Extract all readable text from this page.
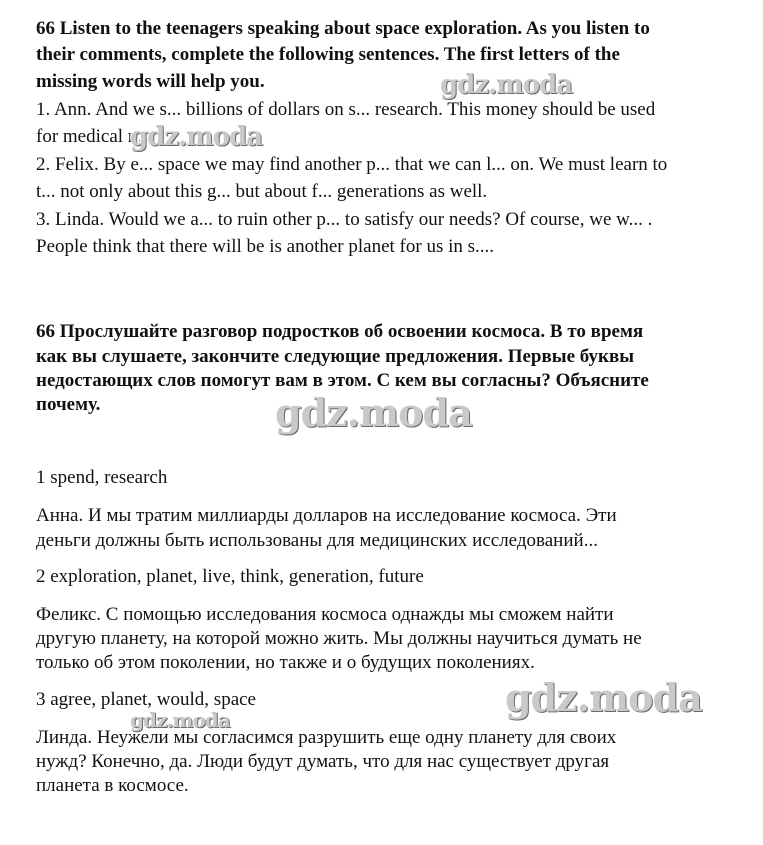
66 Listen to the teenagers speaking about space exploration. As you listen to
their comments, complete the following sentences. The first letters of the
missing words will help you.
1. Ann. And we s... billions of dollars on s... research. This money should be used
for medical r...
2. Felix. By e... space we may find another p... that we can l... on. We must learn to
t... not only about this g... but about f... generations as well.
3. Linda. Would we a... to ruin other p... to satisfy our needs? Of course, we w... .
People think that there will be is another planet for us in s....
66 Прослушайте разговор подростков об освоении космоса. В то время
как вы слушаете, закончите следующие предложения. Первые буквы
недостающих слов помогут вам в этом. С кем вы согласны? Объясните
почему.
1 spend, research
Анна. И мы тратим миллиарды долларов на исследование космоса. Эти
деньги должны быть использованы для медицинских исследований...
2 exploration, planet, live, think, generation, future
Феликс. С помощью исследования космоса однажды мы сможем найти
другую планету, на которой можно жить. Мы должны научиться думать не
только об этом поколении, но также и о будущих поколениях.
3 agree, planet, would, space
Линда. Неужели мы согласимся разрушить еще одну планету для своих
нужд? Конечно, да. Люди будут думать, что для нас существует другая
планета в космосе.
gdz.moda
gdz.moda
gdz.moda
gdz.moda
gdz.moda
